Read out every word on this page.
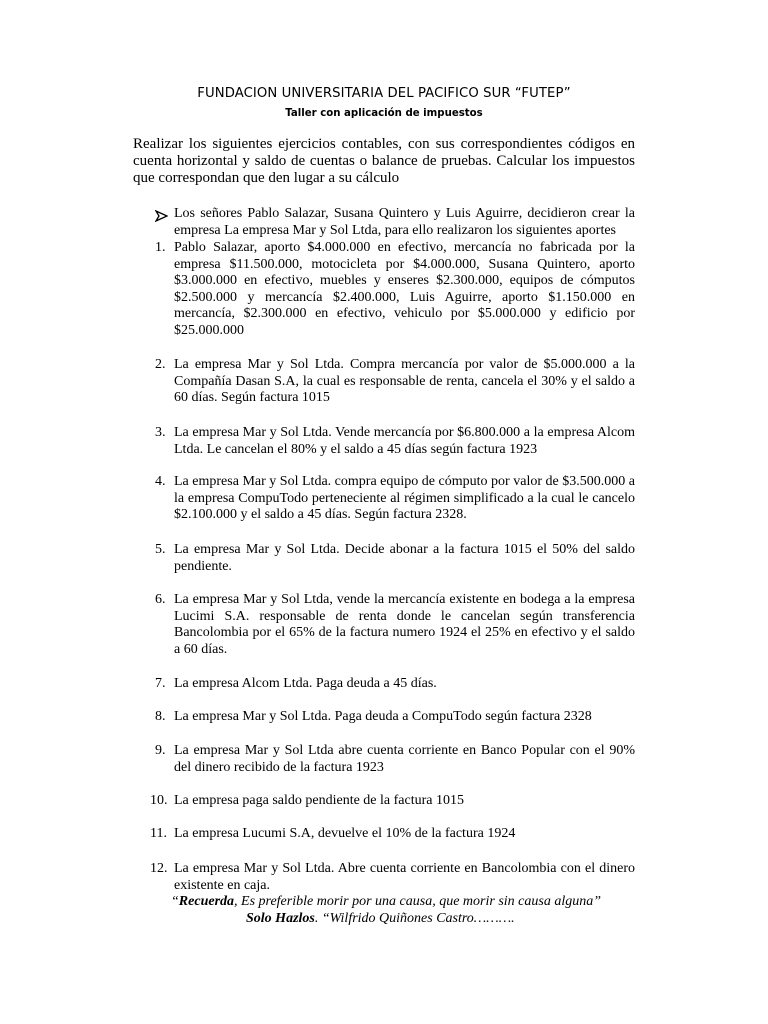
FUNDACION UNIVERSITARIA DEL PACIFICO SUR “FUTEP”
Taller con aplicación de impuestos
Realizar los siguientes ejercicios contables, con sus correspondientes códigos en cuenta horizontal y saldo de cuentas o balance de pruebas. Calcular los impuestos que correspondan que den lugar a su cálculo
Los señores Pablo Salazar, Susana Quintero y Luis Aguirre, decidieron crear la empresa La empresa Mar y Sol Ltda, para ello realizaron los siguientes aportes
1. Pablo Salazar, aporto $4.000.000 en efectivo, mercancía no fabricada por la empresa $11.500.000, motocicleta por $4.000.000, Susana Quintero, aporto $3.000.000 en efectivo, muebles y enseres $2.300.000, equipos de cómputos $2.500.000 y mercancía $2.400.000, Luis Aguirre, aporto $1.150.000 en mercancía, $2.300.000 en efectivo, vehiculo por $5.000.000 y edificio por $25.000.000
2. La empresa Mar y Sol Ltda. Compra mercancía por valor de $5.000.000 a la Compañía Dasan S.A, la cual es responsable de renta, cancela el 30% y el saldo a 60 días. Según factura 1015
3. La empresa Mar y Sol Ltda. Vende mercancía por $6.800.000 a la empresa Alcom Ltda. Le cancelan el 80% y el saldo a 45 días según factura 1923
4. La empresa Mar y Sol Ltda. compra equipo de cómputo por valor de $3.500.000 a la empresa CompuTodo perteneciente al régimen simplificado a la cual le cancelo $2.100.000 y el saldo a 45 días. Según factura 2328.
5. La empresa Mar y Sol Ltda. Decide abonar a la factura 1015 el 50% del saldo pendiente.
6. La empresa Mar y Sol Ltda, vende la mercancía existente en bodega a la empresa Lucimi S.A. responsable de renta donde le cancelan según transferencia Bancolombia por el 65% de la factura numero 1924 el 25% en efectivo y el saldo a 60 días.
7. La empresa Alcom Ltda. Paga deuda a 45 días.
8. La empresa Mar y Sol Ltda. Paga deuda a CompuTodo según factura 2328
9. La empresa Mar y Sol Ltda abre cuenta corriente en Banco Popular con el 90% del dinero recibido de la factura 1923
10. La empresa paga saldo pendiente de la factura 1015
11. La empresa Lucumi S.A, devuelve el 10% de la factura 1924
12. La empresa Mar y Sol Ltda. Abre cuenta corriente en Bancolombia con el dinero existente en caja.
“Recuerda, Es preferible morir por una causa, que morir sin causa alguna”
Solo Hazlos. “Wilfrido Quiñones Castro……….
